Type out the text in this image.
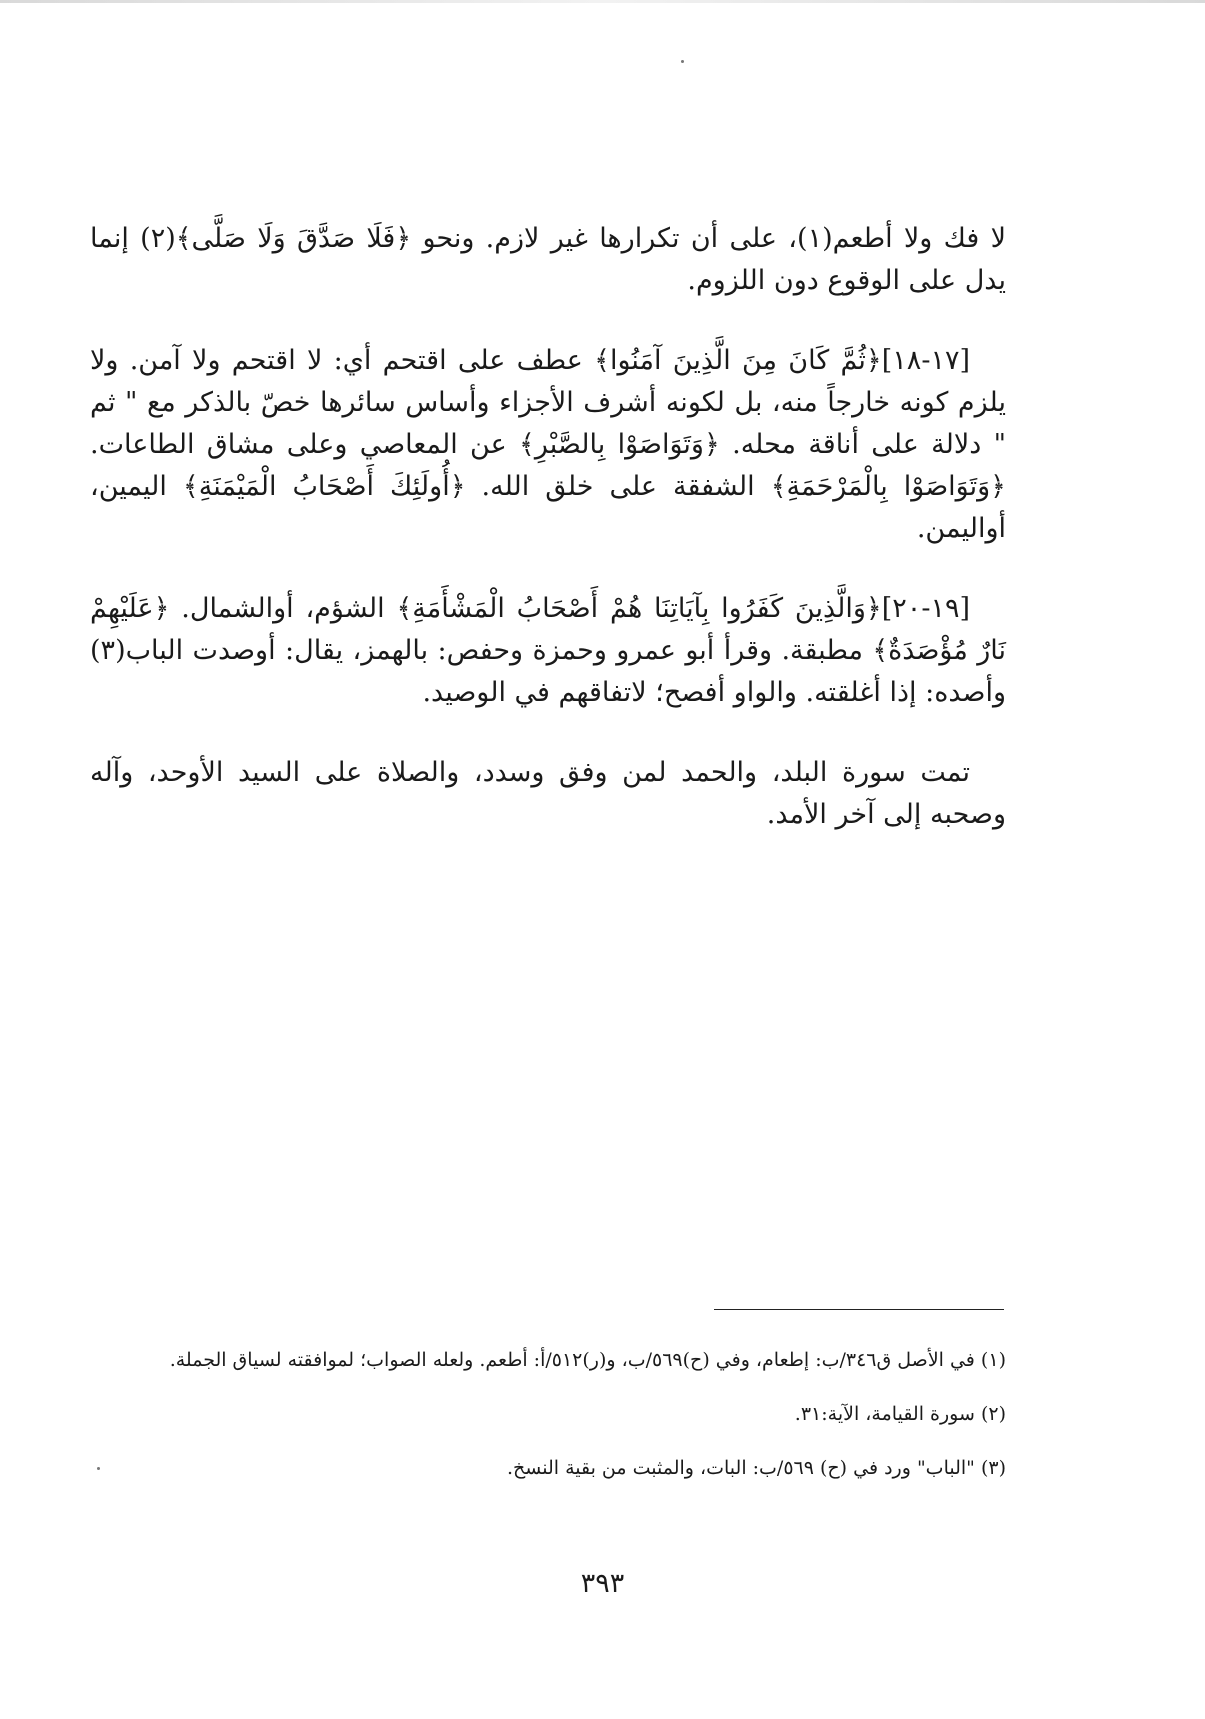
لا فك ولا أطعم(١)، على أن تكرارها غير لازم. ونحو ﴿فَلَا صَدَّقَ وَلَا صَلَّى﴾(٢) إنما يدل على الوقوع دون اللزوم.

[١٧-١٨]﴿ثُمَّ كَانَ مِنَ الَّذِينَ آمَنُوا﴾ عطف على اقتحم أي: لا اقتحم ولا آمن. ولا يلزم كونه خارجاً منه، بل لكونه أشرف الأجزاء وأساس سائرها خصّ بالذكر مع " ثم " دلالة على أناقة محله. ﴿وَتَوَاصَوْا بِالصَّبْرِ﴾ عن المعاصي وعلى مشاق الطاعات. ﴿وَتَوَاصَوْا بِالْمَرْحَمَةِ﴾ الشفقة على خلق الله. ﴿أُولَئِكَ أَصْحَابُ الْمَيْمَنَةِ﴾ اليمين، أواليمن.

[١٩-٢٠]﴿وَالَّذِينَ كَفَرُوا بِآيَاتِنَا هُمْ أَصْحَابُ الْمَشْأَمَةِ﴾ الشؤم، أوالشمال. ﴿عَلَيْهِمْ نَارٌ مُؤْصَدَةٌ﴾ مطبقة. وقرأ أبو عمرو وحمزة وحفص: بالهمز، يقال: أوصدت الباب(٣) وأصده: إذا أغلقته. والواو أفصح؛ لاتفاقهم في الوصيد.

تمت سورة البلد، والحمد لمن وفق وسدد، والصلاة على السيد الأوحد، وآله وصحبه إلى آخر الأمد.

(١) في الأصل ق٣٤٦/ب: إطعام، وفي (ح)٥٦٩/ب، و(ر)٥١٢/أ: أطعم. ولعله الصواب؛ لموافقته لسياق الجملة.

(٢) سورة القيامة، الآية:٣١.

(٣) "الباب" ورد في (ح) ٥٦٩/ب: البات، والمثبت من بقية النسخ.

٣٩٣
